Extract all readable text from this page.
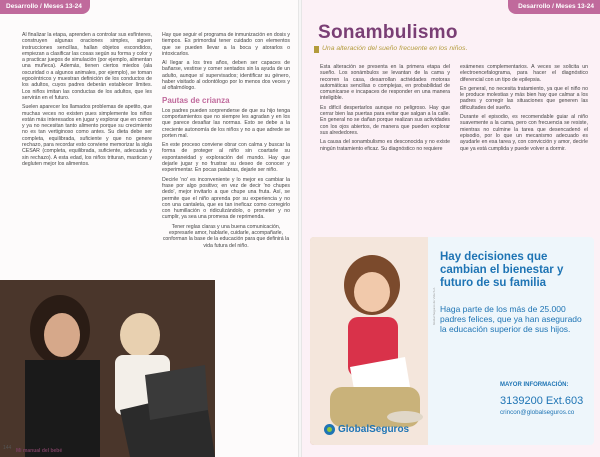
Desarrollo / Meses 13-24

Al finalizar la etapa, aprenden a controlar sus esfínteres, construyen algunas oraciones simples, siguen instrucciones sencillas, hallan objetos escondidos, empiezan a clasificar las cosas según su forma y color y a practicar juegos de simulación (por ejemplo, alimentan una muñeca). Además, tienen ciertos miedos (ala oscuridad o a algunos animales, por ejemplo), se toman egocéntricos y muestran definición de los conductos de los adultos, cuyos padres deberán establecer límites. Los niños imitan las conductas de los adultos, que les servirán en el futuro.

Suelen aparecer los llamados problemas de apetito, que muchas veces no existen pues simplemente los niños están más interesados en jugar y explorar que en comer y ya no necesitan tanto alimento porque su crecimiento no es tan vertiginoso como antes. Su dieta debe ser completa, equilibrada, suficiente y que no genere rechazo, para recordar esto conviene memorizar la sigla CESAR (completa, equilibrada, suficiente, adecuada y sin rechazo). A esta edad, los niños trituran, mastican y degluten mejor los alimentos.

Hay que seguir el programa de inmunización en dosis y tiempos. Es primordial tener cuidado con elementos que se pueden llevar a la boca y atorarlos o intoxicarlos.

Al llegar a los tres años, deben ser capaces de bañarse, vestirse y comer sentados sin la ayuda de un adulto, aunque sí supervisados; identificar su género, haber visitado al odontólogo por lo menos dos veces y al oftalmólogo.

Pautas de crianza

Los padres pueden sorprenderse de que su hijo tenga comportamientos que no siempre les agradan y en los que parece desafiar las normas. Esto se debe a la creciente autonomía de los niños y no a que adrede se porten mal.

En este proceso conviene obrar con calma y buscar la forma de proteger al niño sin coartarle su espontaneidad y exploración del mundo. Hay que dejarle jugar y no frustrar su deseo de conocer y experimentar. En pocas palabras, dejarle ser niño.

Decirle 'no' es inconveniente y lo mejor es cambiar la frase por algo positivo; en vez de decir 'no chupes dedo', mejor invitarlo a que chupe una fruta. Así, se permite que el niño aprenda por su experiencia y no con una cantaleta, que es tan ineficaz como corregirlo con humillación o ridiculizándolo, o prometer y no cumplir, ya sea una promesa de reprimenda.

Tener reglas claras y una buena comunicación, expresarle amor, hablarle, cuidarle, acompañarle, conforman la base de la educación para que definirá la vida futura del niño.

144 Mi manual del bebé
Desarrollo / Meses 13-24
Sonambulismo
Una alteración del sueño frecuente en los niños.

Esta alteración se presenta en la primera etapa del sueño. Los sonámbulos se levantan de la cama y recorren la casa, desarrollan actividades motoras automáticas sencillas o complejas, en probabilidad de comunicarse e incapaces de responder en una manera inteligible.

Es difícil despertarlos aunque no peligroso. Hay que cerrar bien las puertas para evitar que salgan a la calle. En general no se dañan porque realizan sus actividades con los ojos abiertos, de manera que pueden explorar sus alrededores.

La causa del sonambulismo es desconocida y no existe ningún tratamiento eficaz. Su diagnóstico no requiere

exámenes complementarios. A veces se solicita un electroencefalograma, para hacer el diagnóstico diferencial con un tipo de epilepsia.

En general, no necesita tratamiento, ya que el niño no le produce molestias y más bien hay que calmar a los padres y corregir las situaciones que generen las dificultades del sueño.

Durante el episodio, es recomendable guiar al niño suavemente a la cama, pero con frecuencia se resiste, mientras no culmine la tarea que desencadenó el episodio, por lo que un mecanismo adecuado es ayudarle en esa tarea y, con convicción y amor, decirle que ya está cumplida y puede volver a dormir.

Global Seguros de Vida S.A.
Hay decisiones que cambian el bienestar y futuro de su familia
Haga parte de los más de 25.000 padres felices, que ya han asegurado la educación superior de sus hijos.
MAYOR INFORMACIÓN:
3139200 Ext.603
crincon@globalseguros.co
GlobalSeguros
